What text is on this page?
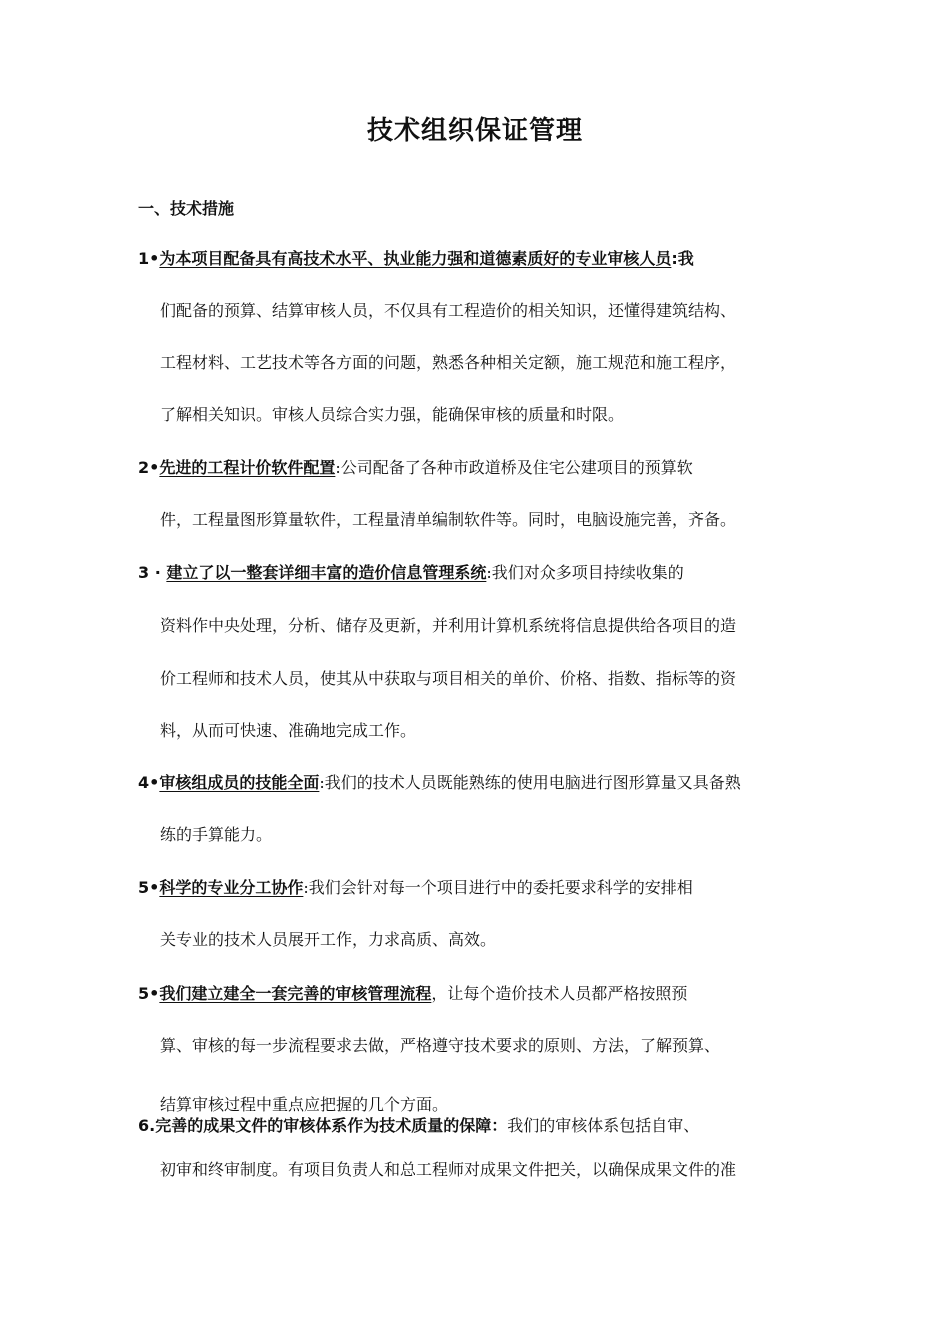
技术组织保证管理
一、技术措施
1•为本项目配备具有高技术水平、执业能力强和道德素质好的专业审核人员:我
们配备的预算、结算审核人员，不仅具有工程造价的相关知识，还懂得建筑结构、
工程材料、工艺技术等各方面的问题，熟悉各种相关定额，施工规范和施工程序，
了解相关知识。审核人员综合实力强，能确保审核的质量和时限。
2•先进的工程计价软件配置:公司配备了各种市政道桥及住宅公建项目的预算软
件，工程量图形算量软件，工程量清单编制软件等。同时，电脑设施完善，齐备。
3 · 建立了以一整套详细丰富的造价信息管理系统:我们对众多项目持续收集的
资料作中央处理，分析、储存及更新，并利用计算机系统将信息提供给各项目的造
价工程师和技术人员，使其从中获取与项目相关的单价、价格、指数、指标等的资
料，从而可快速、准确地完成工作。
4•审核组成员的技能全面:我们的技术人员既能熟练的使用电脑进行图形算量又具备熟
练的手算能力。
5•科学的专业分工协作:我们会针对每一个项目进行中的委托要求科学的安排相
关专业的技术人员展开工作，力求高质、高效。
5•我们建立建全一套完善的审核管理流程，让每个造价技术人员都严格按照预
算、审核的每一步流程要求去做，严格遵守技术要求的原则、方法，了解预算、
结算审核过程中重点应把握的几个方面。
6.完善的成果文件的审核体系作为技术质量的保障：我们的审核体系包括自审、
初审和终审制度。有项目负责人和总工程师对成果文件把关，以确保成果文件的准
